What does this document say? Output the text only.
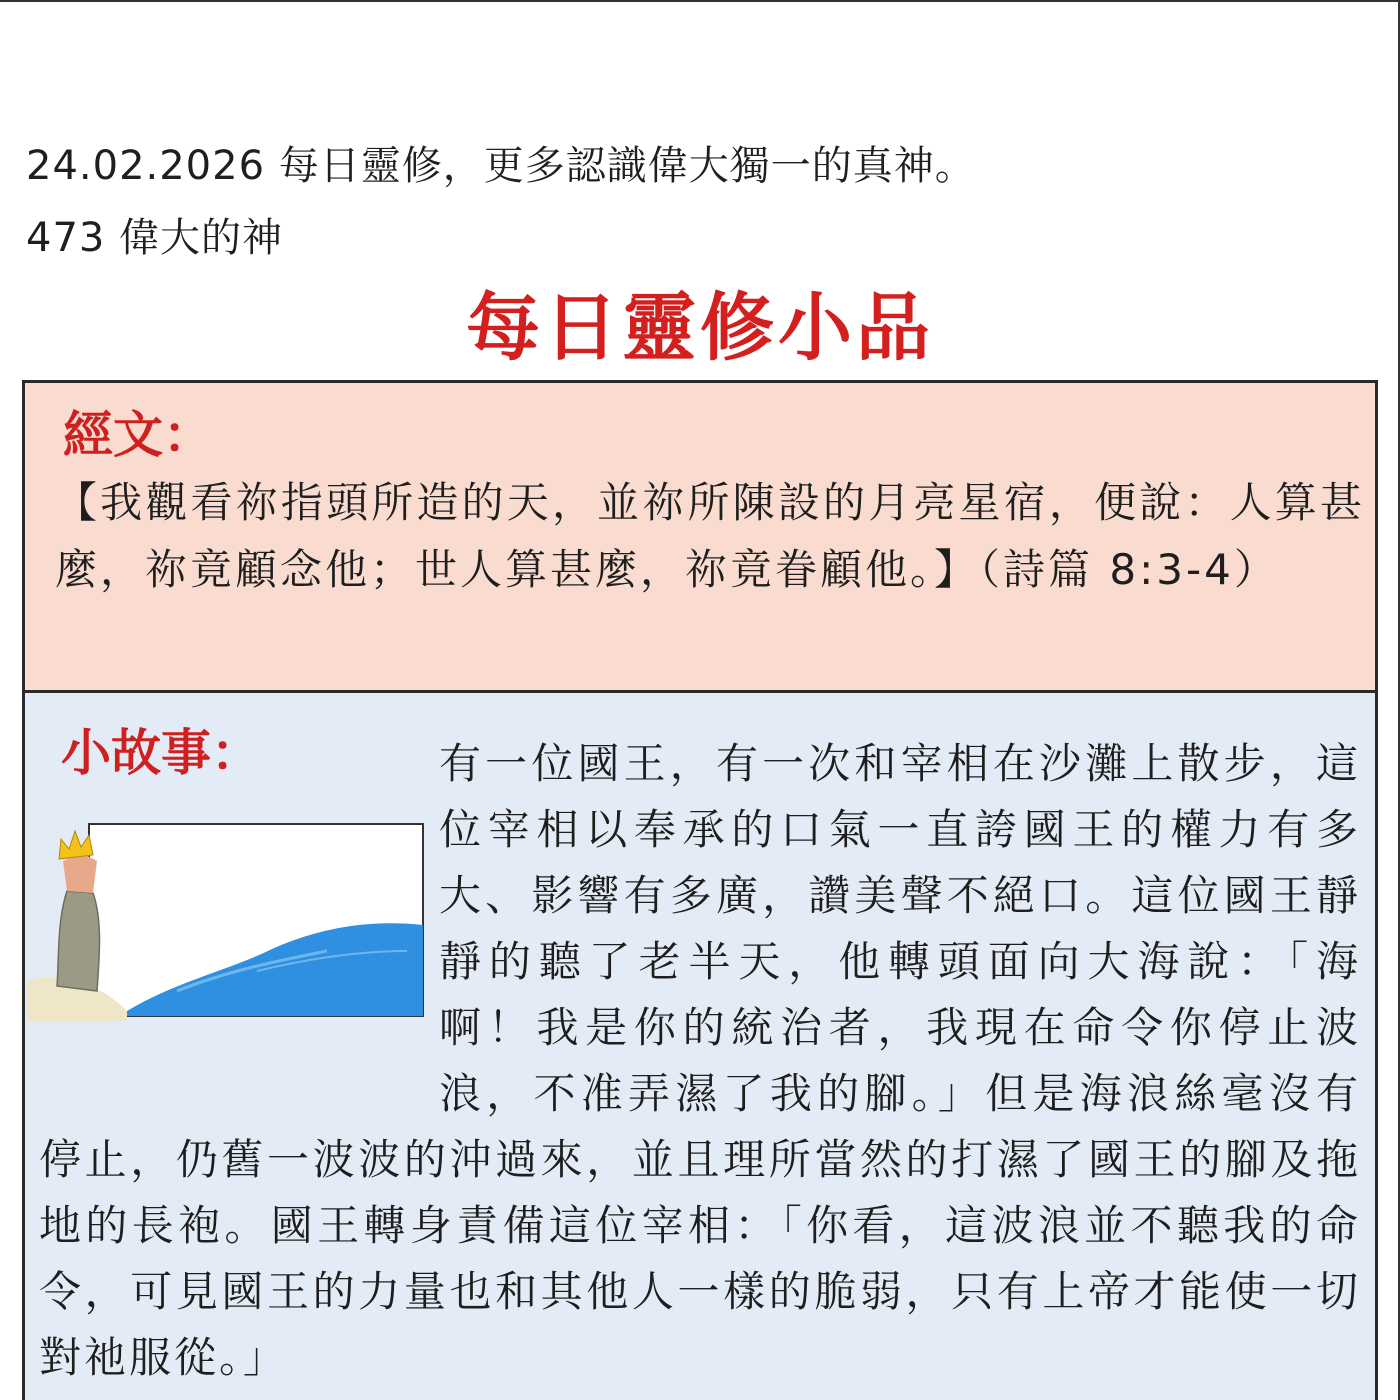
24.02.2026 每日靈修，更多認識偉大獨一的真神。
473 偉大的神
每日靈修小品
經文：
【我觀看祢指頭所造的天，並祢所陳設的月亮星宿，便說：人算甚麼，祢竟顧念他；世人算甚麼，祢竟眷顧他。】（詩篇 8:3-4）
小故事：	有一位國王，有一次和宰相在沙灘上散步，這位宰相以奉承的口氣一直誇國王的權力有多大、影響有多廣，讚美聲不絕口。這位國王靜靜的聽了老半天，他轉頭面向大海說：「海啊！我是你的統治者，我現在命令你停止波浪，不准弄濕了我的腳。」但是海浪絲毫沒有停止，仍舊一波波的沖過來，並且理所當然的打濕了國王的腳及拖地的長袍。國王轉身責備這位宰相：「你看，這波浪並不聽我的命令，可見國王的力量也和其他人一樣的脆弱，只有上帝才能使一切對祂服從。」
